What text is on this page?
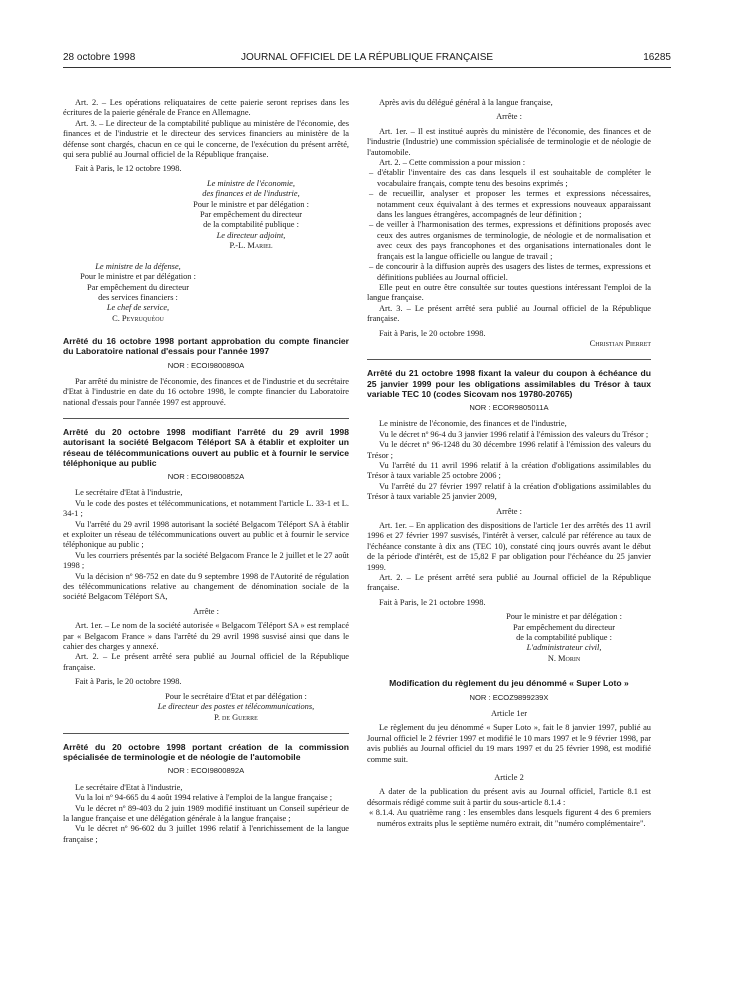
28 octobre 1998	JOURNAL OFFICIEL DE LA RÉPUBLIQUE FRANÇAISE	16285

Art. 2. – Les opérations reliquataires de cette paierie seront reprises dans les écritures de la paierie générale de France en Allemagne.

Art. 3. – Le directeur de la comptabilité publique au ministère de l'économie, des finances et de l'industrie et le directeur des services financiers au ministère de la défense sont chargés, chacun en ce qui le concerne, de l'exécution du présent arrêté, qui sera publié au Journal officiel de la République française.

Fait à Paris, le 12 octobre 1998.

Le ministre de l'économie,
des finances et de l'industrie,
Pour le ministre et par délégation :
Par empêchement du directeur
de la comptabilité publique :
Le directeur adjoint,
P.-L. Mariel
Le ministre de la défense,
Pour le ministre et par délégation :
Par empêchement du directeur
des services financiers :
Le chef de service,
C. Peyruquéou
Arrêté du 16 octobre 1998 portant approbation du compte financier du Laboratoire national d'essais pour l'année 1997
NOR : ECOI9800890A

Par arrêté du ministre de l'économie, des finances et de l'industrie et du secrétaire d'Etat à l'industrie en date du 16 octobre 1998, le compte financier du Laboratoire national d'essais pour l'année 1997 est approuvé.

Arrêté du 20 octobre 1998 modifiant l'arrêté du 29 avril 1998 autorisant la société Belgacom Téléport SA à établir et exploiter un réseau de télécommunications ouvert au public et à fournir le service téléphonique au public
NOR : ECOI9800852A

Le secrétaire d'Etat à l'industrie,

Vu le code des postes et télécommunications, et notamment l'article L. 33-1 et L. 34-1 ;

Vu l'arrêté du 29 avril 1998 autorisant la société Belgacom Téléport SA à établir et exploiter un réseau de télécommunications ouvert au public et à fournir le service téléphonique au public ;

Vu les courriers présentés par la société Belgacom France le 2 juillet et le 27 août 1998 ;

Vu la décision nº 98-752 en date du 9 septembre 1998 de l'Autorité de régulation des télécommunications relative au changement de dénomination sociale de la société Belgacom Téléport SA,

Arrête :

Art. 1er. – Le nom de la société autorisée « Belgacom Téléport SA » est remplacé par « Belgacom France » dans l'arrêté du 29 avril 1998 susvisé ainsi que dans le cahier des charges y annexé.

Art. 2. – Le présent arrêté sera publié au Journal officiel de la République française.

Fait à Paris, le 20 octobre 1998.

Pour le secrétaire d'Etat et par délégation :
Le directeur des postes et télécommunications,
P. de Guerre
Arrêté du 20 octobre 1998 portant création de la commission spécialisée de terminologie et de néologie de l'automobile
NOR : ECOI9800892A

Le secrétaire d'Etat à l'industrie,

Vu la loi nº 94-665 du 4 août 1994 relative à l'emploi de la langue française ;

Vu le décret nº 89-403 du 2 juin 1989 modifié instituant un Conseil supérieur de la langue française et une délégation générale à la langue française ;

Vu le décret nº 96-602 du 3 juillet 1996 relatif à l'enrichissement de la langue française ;

Après avis du délégué général à la langue française,

Arrête :

Art. 1er. – Il est institué auprès du ministère de l'économie, des finances et de l'industrie (Industrie) une commission spécialisée de terminologie et de néologie de l'automobile.

Art. 2. – Cette commission a pour mission :

– d'établir l'inventaire des cas dans lesquels il est souhaitable de compléter le vocabulaire français, compte tenu des besoins exprimés ;

– de recueillir, analyser et proposer les termes et expressions nécessaires, notamment ceux équivalant à des termes et expressions nouveaux apparaissant dans les langues étrangères, accompagnés de leur définition ;

– de veiller à l'harmonisation des termes, expressions et définitions proposés avec ceux des autres organismes de terminologie, de néologie et de normalisation et avec ceux des pays francophones et des organisations internationales dont le français est la langue officielle ou langue de travail ;

– de concourir à la diffusion auprès des usagers des listes de termes, expressions et définitions publiées au Journal officiel.

Elle peut en outre être consultée sur toutes questions intéressant l'emploi de la langue française.

Art. 3. – Le présent arrêté sera publié au Journal officiel de la République française.

Fait à Paris, le 20 octobre 1998.

Christian Pierret

Arrêté du 21 octobre 1998 fixant la valeur du coupon à échéance du 25 janvier 1999 pour les obligations assimilables du Trésor à taux variable TEC 10 (codes Sicovam nos 19780-20765)
NOR : ECOR9805011A

Le ministre de l'économie, des finances et de l'industrie,

Vu le décret nº 96-4 du 3 janvier 1996 relatif à l'émission des valeurs du Trésor ;

Vu le décret nº 96-1248 du 30 décembre 1996 relatif à l'émission des valeurs du Trésor ;

Vu l'arrêté du 11 avril 1996 relatif à la création d'obligations assimilables du Trésor à taux variable 25 octobre 2006 ;

Vu l'arrêté du 27 février 1997 relatif à la création d'obligations assimilables du Trésor à taux variable 25 janvier 2009,

Arrête :

Art. 1er. – En application des dispositions de l'article 1er des arrêtés des 11 avril 1996 et 27 février 1997 susvisés, l'intérêt à verser, calculé par référence au taux de l'échéance constante à dix ans (TEC 10), constaté cinq jours ouvrés avant le début de la période d'intérêt, est de 15,82 F par obligation pour l'échéance du 25 janvier 1999.

Art. 2. – Le présent arrêté sera publié au Journal officiel de la République française.

Fait à Paris, le 21 octobre 1998.

Pour le ministre et par délégation :
Par empêchement du directeur
de la comptabilité publique :
L'administrateur civil,
N. Morin
Modification du règlement du jeu dénommé « Super Loto »
NOR : ECOZ9899239X

Article 1er

Le règlement du jeu dénommé « Super Loto », fait le 8 janvier 1997, publié au Journal officiel le 2 février 1997 et modifié le 10 mars 1997 et le 9 février 1998, par avis publiés au Journal officiel du 19 mars 1997 et du 25 février 1998, est modifié comme suit.

Article 2

A dater de la publication du présent avis au Journal officiel, l'article 8.1 est désormais rédigé comme suit à partir du sous-article 8.1.4 :

« 8.1.4. Au quatrième rang : les ensembles dans lesquels figurent 4 des 6 premiers numéros extraits plus le septième numéro extrait, dit "numéro complémentaire".
